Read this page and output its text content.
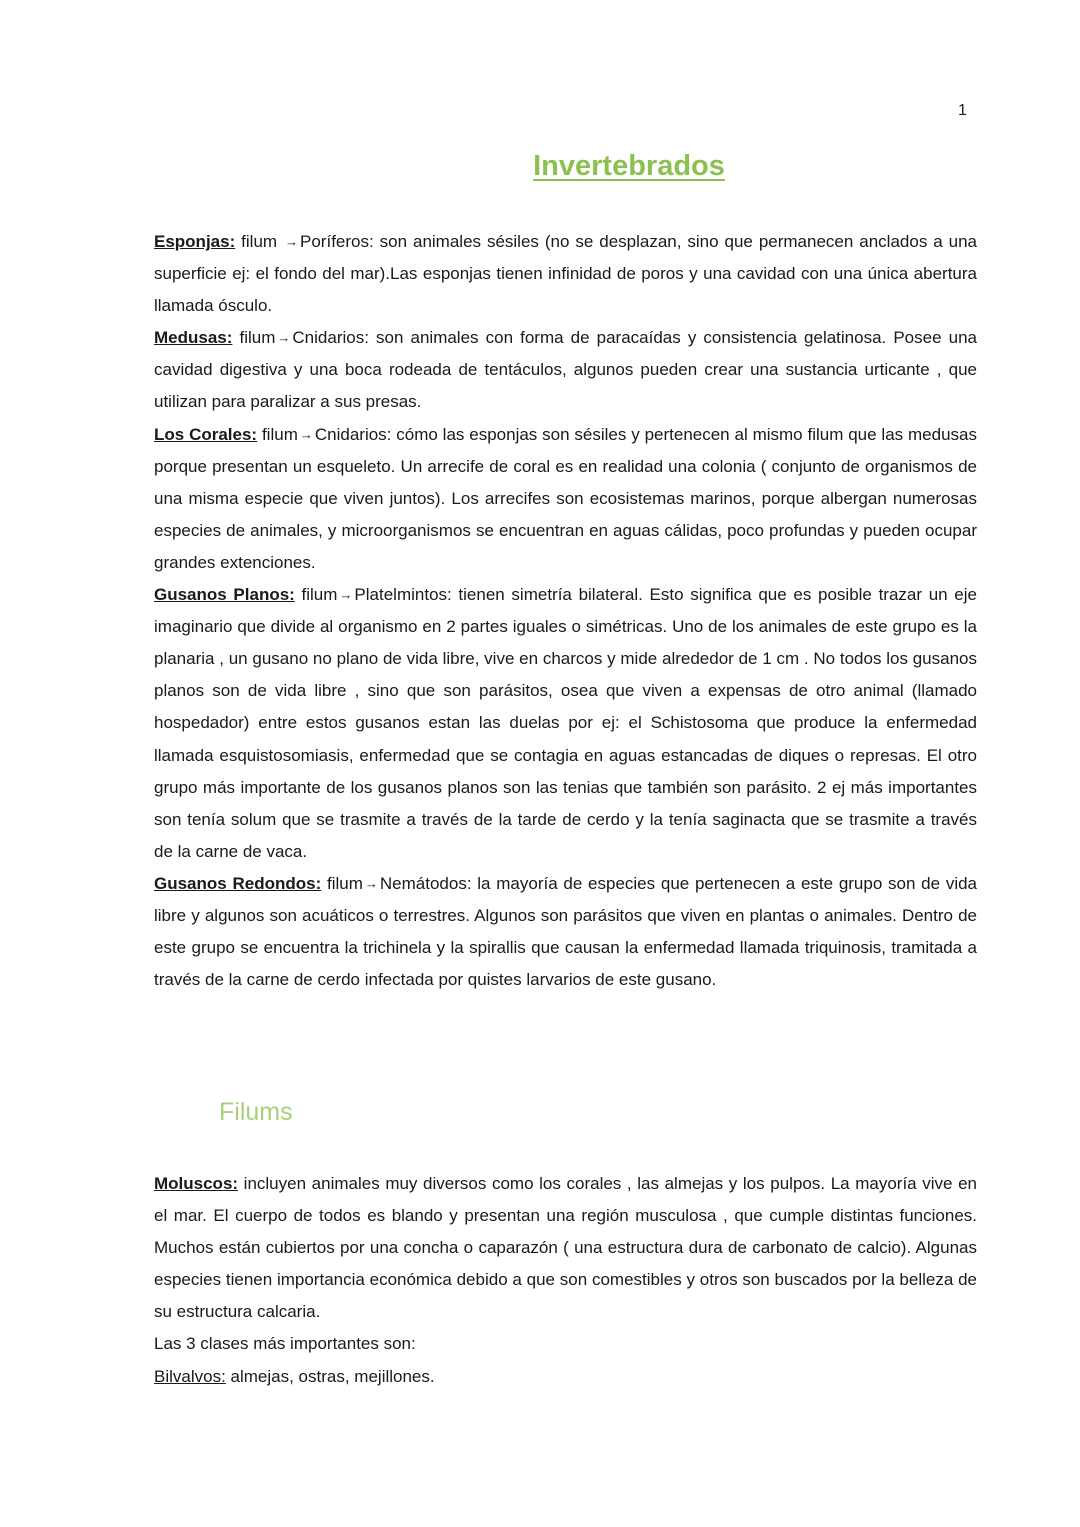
1
Invertebrados

Esponjas: filum → Poríferos: son animales sésiles (no se desplazan, sino que permanecen anclados a una superficie ej: el fondo del mar).Las esponjas tienen infinidad de poros y una cavidad con una única abertura llamada ósculo.

Medusas: filum → Cnidarios: son animales con forma de paracaídas y consistencia gelatinosa. Posee una cavidad digestiva y una boca rodeada de tentáculos, algunos pueden crear una sustancia urticante , que utilizan para paralizar a sus presas.

Los Corales: filum → Cnidarios: cómo las esponjas son sésiles y pertenecen al mismo filum que las medusas porque presentan un esqueleto. Un arrecife de coral es en realidad una colonia ( conjunto de organismos de una misma especie que viven juntos). Los arrecifes son ecosistemas marinos, porque albergan numerosas especies de animales, y microorganismos se encuentran en aguas cálidas, poco profundas y pueden ocupar grandes extenciones.

Gusanos Planos: filum → Platelmintos: tienen simetría bilateral. Esto significa que es posible trazar un eje imaginario que divide al organismo en 2 partes iguales o simétricas. Uno de los animales de este grupo es la planaria , un gusano no plano de vida libre, vive en charcos y mide alrededor de 1 cm . No todos los gusanos planos son de vida libre , sino que son parásitos, osea que viven a expensas de otro animal (llamado hospedador) entre estos gusanos estan las duelas por ej: el Schistosoma que produce la enfermedad llamada esquistosomiasis, enfermedad que se contagia en aguas estancadas de diques o represas. El otro grupo más importante de los gusanos planos son las tenias que también son parásito. 2 ej más importantes son tenía solum que se trasmite a través de la tarde de cerdo y la tenía saginacta que se trasmite a través de la carne de vaca.

Gusanos Redondos: filum → Nemátodos: la mayoría de especies que pertenecen a este grupo son de vida libre y algunos son acuáticos o terrestres. Algunos son parásitos que viven en plantas o animales. Dentro de este grupo se encuentra la trichinela y la spirallis que causan la enfermedad llamada triquinosis, tramitada a través de la carne de cerdo infectada por quistes larvarios de este gusano.

Filums

Moluscos: incluyen animales muy diversos como los corales , las almejas y los pulpos. La mayoría vive en el mar. El cuerpo de todos es blando y presentan una región musculosa , que cumple distintas funciones. Muchos están cubiertos por una concha o caparazón ( una estructura dura de carbonato de calcio). Algunas especies tienen importancia económica debido a que son comestibles y otros son buscados por la belleza de su estructura calcaria.

Las 3 clases más importantes son:

Bilvalvos: almejas, ostras, mejillones.
